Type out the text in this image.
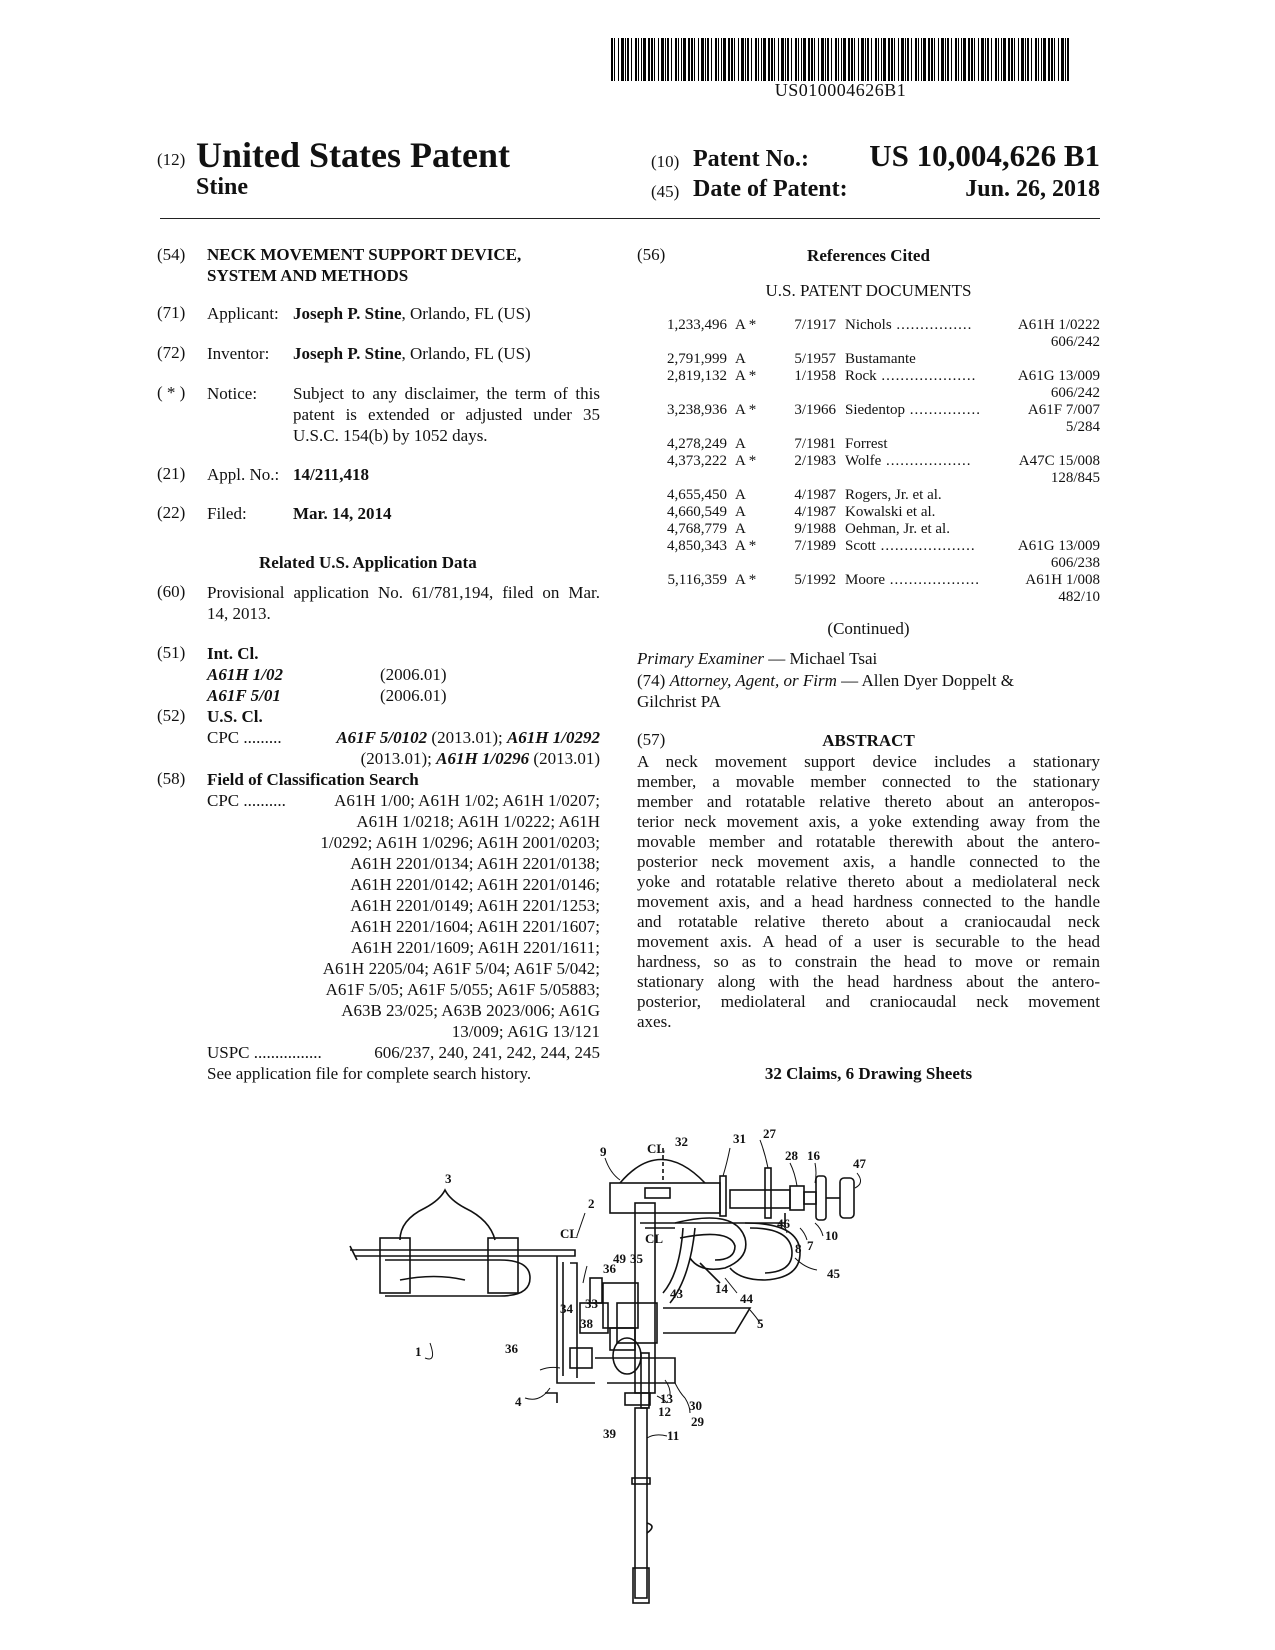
US010004626B1
(12) United States Patent
Stine
(10) Patent No.: US 10,004,626 B1
(45) Date of Patent:	Jun. 26, 2018
(54) NECK MOVEMENT SUPPORT DEVICE,
SYSTEM AND METHODS
(71) Applicant: Joseph P. Stine, Orlando, FL (US)
(72) Inventor: Joseph P. Stine, Orlando, FL (US)
( * ) Notice: Subject to any disclaimer, the term of this
patent is extended or adjusted under 35
U.S.C. 154(b) by 1052 days.
(21) Appl. No.: 14/211,418
(22) Filed:	Mar. 14, 2014
Related U.S. Application Data
(60) Provisional application No. 61/781,194, filed on Mar.
14, 2013.
(51) Int. Cl.
A61H 1/02	(2006.01)
A61F 5/01	(2006.01)
(52) U.S. Cl.
CPC .........	A61F 5/0102 (2013.01); A61H 1/0292
(2013.01); A61H 1/0296 (2013.01)
(58) Field of Classification Search
CPC ..........	A61H 1/00; A61H 1/02; A61H 1/0207;
A61H 1/0218; A61H 1/0222; A61H
1/0292; A61H 1/0296; A61H 2001/0203;
A61H 2201/0134; A61H 2201/0138;
A61H 2201/0142; A61H 2201/0146;
A61H 2201/0149; A61H 2201/1253;
A61H 2201/1604; A61H 2201/1607;
A61H 2201/1609; A61H 2201/1611;
A61H 2205/04; A61F 5/04; A61F 5/042;
A61F 5/05; A61F 5/055; A61F 5/05883;
A63B 23/025; A63B 2023/006; A61G
13/009; A61G 13/121
USPC ................	606/237, 240, 241, 242, 244, 245
See application file for complete search history.
(56)	References Cited
U.S. PATENT DOCUMENTS
1,233,496 A *	7/1917 Nichols ................	A61H 1/0222
606/242
2,791,999 A	5/1957 Bustamante
2,819,132 A *	1/1958 Rock ....................	A61G 13/009
606/242
3,238,936 A *	3/1966 Siedentop ...............	A61F 7/007
5/284
4,278,249 A	7/1981 Forrest
4,373,222 A *	2/1983 Wolfe ..................	A47C 15/008
128/845
4,655,450 A	4/1987 Rogers, Jr. et al.
4,660,549 A	4/1987 Kowalski et al.
4,768,779 A	9/1988 Oehman, Jr. et al.
4,850,343 A *	7/1989 Scott ....................	A61G 13/009
606/238
5,116,359 A *	5/1992 Moore ...................	A61H 1/008
482/10
(Continued)
Primary Examiner — Michael Tsai
(74) Attorney, Agent, or Firm — Allen Dyer Doppelt &
Gilchrist PA
(57)	ABSTRACT
A neck movement support device includes a stationary
member, a movable member connected to the stationary
member and rotatable relative thereto about an anteropos-
terior neck movement axis, a yoke extending away from the
movable member and rotatable therewith about the antero-
posterior neck movement axis, a handle connected to the
yoke and rotatable relative thereto about a mediolateral neck
movement axis, and a head hardness connected to the handle
and rotatable relative thereto about a craniocaudal neck
movement axis. A head of a user is securable to the head
hardness, so as to constrain the head to move or remain
stationary along with the head hardness about the antero-
posterior, mediolateral and craniocaudal neck movement
axes.
32 Claims, 6 Drawing Sheets
3
2
1
4
9
32	31 27
28 16
47
8 7
10
46
45
44
14
43
5
49 35
36
34 33
38
36
13 30
12
29
39	11
CL
CL	CL
